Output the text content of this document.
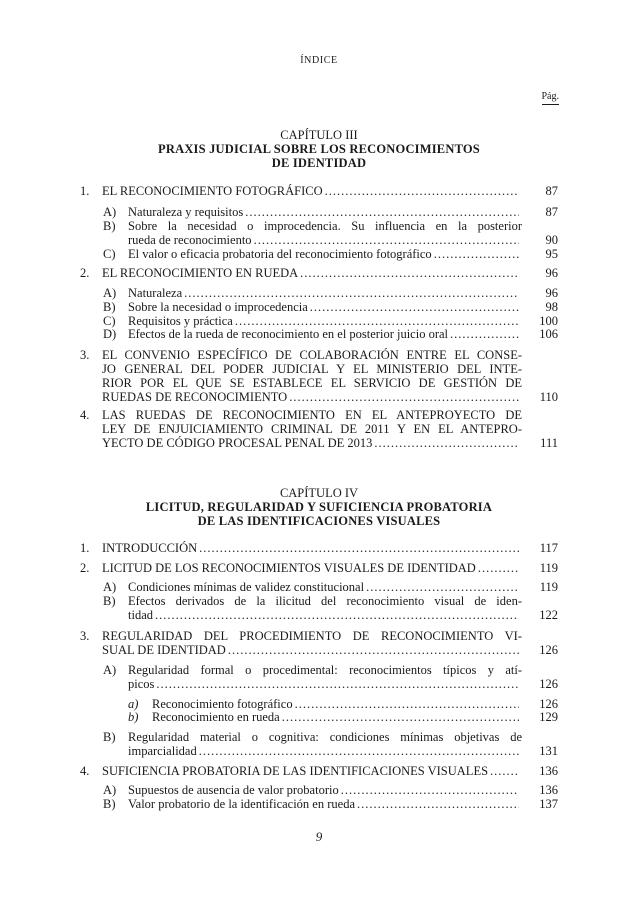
ÍNDICE
Pág.
CAPÍTULO III
PRAXIS JUDICIAL SOBRE LOS RECONOCIMIENTOS
DE IDENTIDAD
CAPÍTULO IV
LICITUD, REGULARIDAD Y SUFICIENCIA PROBATORIA
DE LAS IDENTIFICACIONES VISUALES
1. EL RECONOCIMIENTO FOTOGRÁFICO .....	87
A) Naturaleza y requisitos .....	87
B) Sobre la necesidad o improcedencia. Su influencia en la posterior
rueda de reconocimiento .....	90
C) El valor o eficacia probatoria del reconocimiento fotográfico .....	95
2. EL RECONOCIMIENTO EN RUEDA .....	96
A) Naturaleza .....	96
B) Sobre la necesidad o improcedencia .....	98
C) Requisitos y práctica .....	100
D) Efectos de la rueda de reconocimiento en el posterior juicio oral .....	106
3. EL CONVENIO ESPECÍFICO DE COLABORACIÓN ENTRE EL CONSE-
JO GENERAL DEL PODER JUDICIAL Y EL MINISTERIO DEL INTE-
RIOR POR EL QUE SE ESTABLECE EL SERVICIO DE GESTIÓN DE
RUEDAS DE RECONOCIMIENTO .....	110
4. LAS RUEDAS DE RECONOCIMIENTO EN EL ANTEPROYECTO DE
LEY DE ENJUICIAMIENTO CRIMINAL DE 2011 Y EN EL ANTEPRO-
YECTO DE CÓDIGO PROCESAL PENAL DE 2013 .....	111
1. INTRODUCCIÓN .....	117
2. LICITUD DE LOS RECONOCIMIENTOS VISUALES DE IDENTIDAD .....	119
A) Condiciones mínimas de validez constitucional .....	119
B) Efectos derivados de la ilicitud del reconocimiento visual de iden-
tidad .....	122
3. REGULARIDAD DEL PROCEDIMIENTO DE RECONOCIMIENTO VI-
SUAL DE IDENTIDAD .....	126
A) Regularidad formal o procedimental: reconocimientos típicos y atí-
picos .....	126
a) Reconocimiento fotográfico .....	126
b) Reconocimiento en rueda .....	129
B) Regularidad material o cognitiva: condiciones mínimas objetivas de
imparcialidad .....	131
4. SUFICIENCIA PROBATORIA DE LAS IDENTIFICACIONES VISUALES .....	136
A) Supuestos de ausencia de valor probatorio .....	136
B) Valor probatorio de la identificación en rueda .....	137
9
